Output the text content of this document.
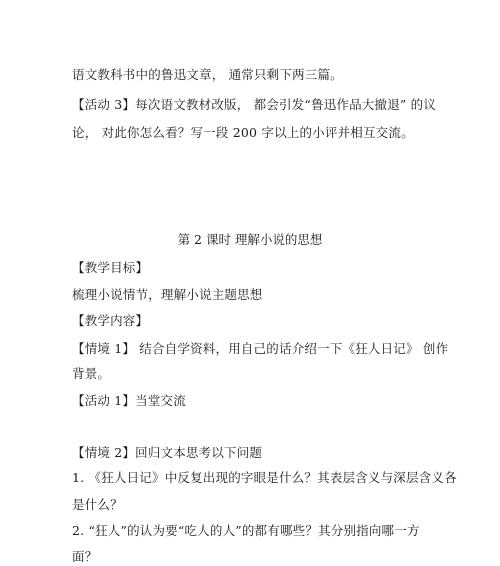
语文教科书中的鲁迅文章， 通常只剩下两三篇。
【活动 3】每次语文教材改版， 都会引发“鲁迅作品大撤退” 的议
论， 对此你怎么看？写一段 200 字以上的小评并相互交流。
第 2 课时 理解小说的思想
【教学目标】
梳理小说情节，理解小说主题思想
【教学内容】
【情境 1】 结合自学资料，用自己的话介绍一下《狂人日记》 创作
背景。
【活动 1】当堂交流
【情境 2】回归文本思考以下问题
1. 《狂人日记》中反复出现的字眼是什么？其表层含义与深层含义各
是什么？
2. “狂人”的认为要“吃人的人”的都有哪些？其分别指向哪一方
面？
